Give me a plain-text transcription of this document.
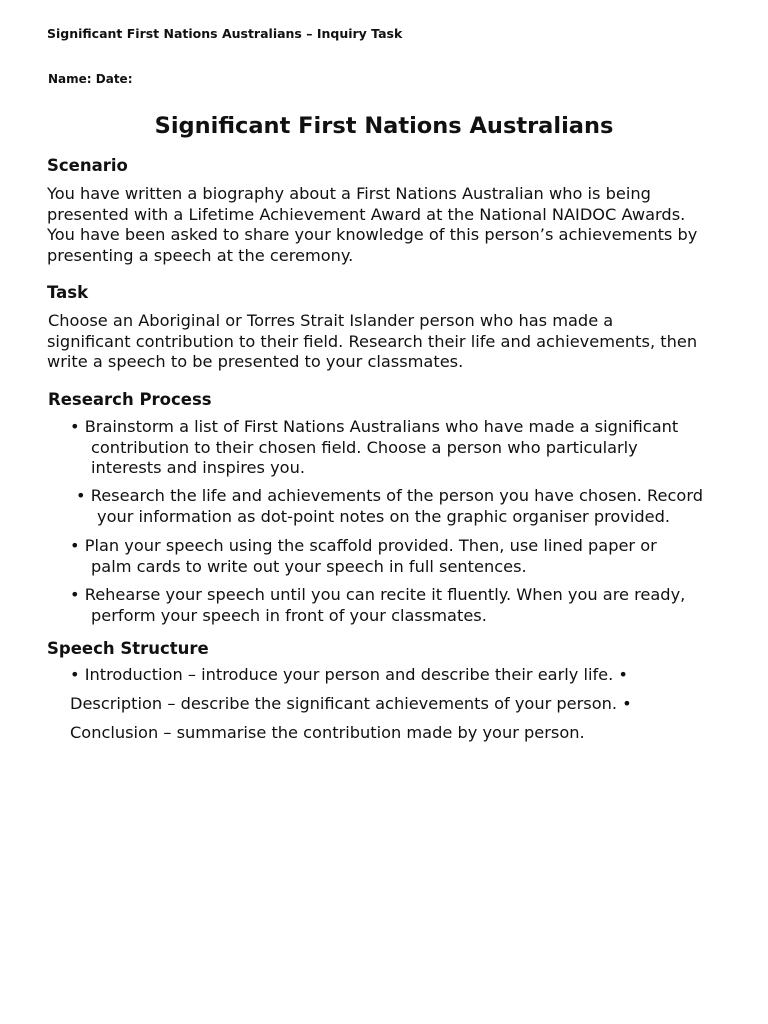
Significant First Nations Australians – Inquiry Task
Name: Date:
Significant First Nations Australians
Scenario
You have written a biography about a First Nations Australian who is being
presented with a Lifetime Achievement Award at the National NAIDOC Awards.
You have been asked to share your knowledge of this person’s achievements by
presenting a speech at the ceremony.
Task
Choose an Aboriginal or Torres Strait Islander person who has made a
significant contribution to their field. Research their life and achievements, then
write a speech to be presented to your classmates.
Research Process
• Brainstorm a list of First Nations Australians who have made a significant
contribution to their chosen field. Choose a person who particularly
interests and inspires you.
• Research the life and achievements of the person you have chosen. Record
your information as dot-point notes on the graphic organiser provided.
• Plan your speech using the scaffold provided. Then, use lined paper or
palm cards to write out your speech in full sentences.
• Rehearse your speech until you can recite it fluently. When you are ready,
perform your speech in front of your classmates.
Speech Structure
• Introduction – introduce your person and describe their early life. •
Description – describe the significant achievements of your person. •
Conclusion – summarise the contribution made by your person.
